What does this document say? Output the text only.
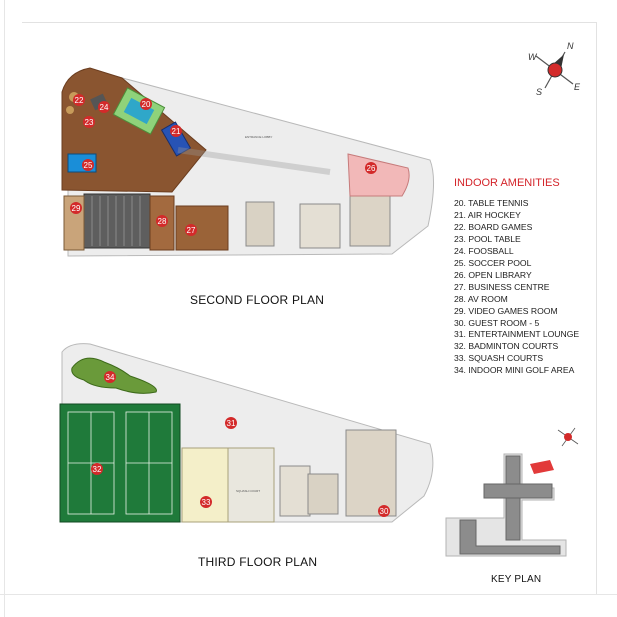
ENTRANCE LOBBY
SQUASH COURT
20
21
22
23
24
25	26
27
28
29
30
31
32
33
34
N
S	E
W
SECOND FLOOR PLAN
THIRD FLOOR PLAN
KEY PLAN
INDOOR AMENITIES
20. TABLE TENNIS
21. AIR HOCKEY
22. BOARD GAMES
23. POOL TABLE
24. FOOSBALL
25. SOCCER POOL
26. OPEN LIBRARY
27. BUSINESS CENTRE
28. AV ROOM
29. VIDEO GAMES ROOM
30. GUEST ROOM - 5
31. ENTERTAINMENT LOUNGE
32. BADMINTON COURTS
33. SQUASH COURTS
34. INDOOR MINI GOLF AREA
